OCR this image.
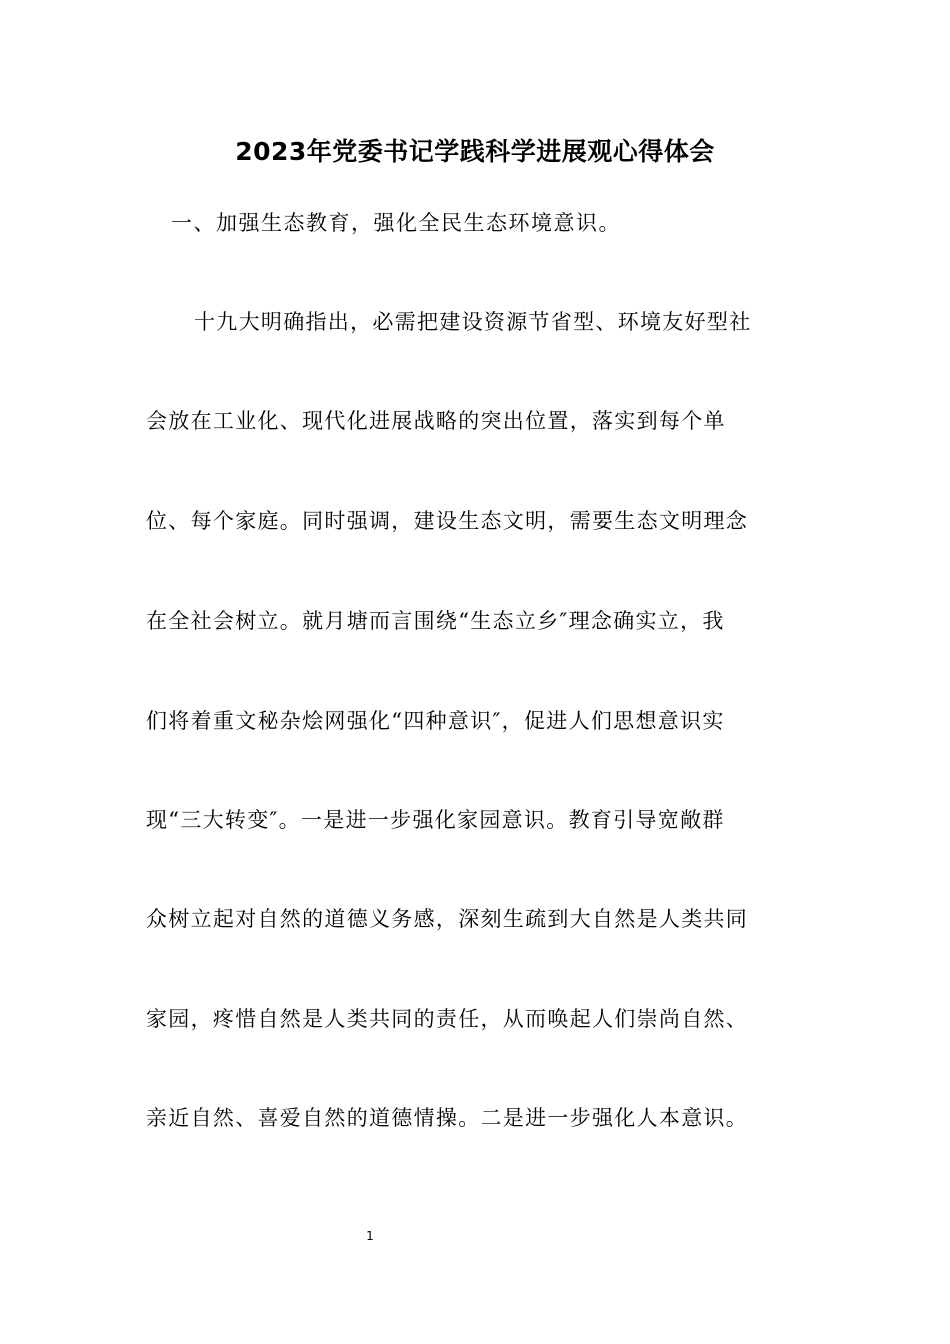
2023年党委书记学践科学进展观心得体会
一、加强生态教育，强化全民生态环境意识。
十九大明确指出，必需把建设资源节省型、环境友好型社
会放在工业化、现代化进展战略的突出位置，落实到每个单
位、每个家庭。同时强调，建设生态文明，需要生态文明理念
在全社会树立。就月塘而言围绕“生态立乡″理念确实立，我
们将着重文秘杂烩网强化“四种意识″，促进人们思想意识实
现“三大转变″。一是进一步强化家园意识。教育引导宽敞群
众树立起对自然的道德义务感，深刻生疏到大自然是人类共同
家园，疼惜自然是人类共同的责任，从而唤起人们崇尚自然、
亲近自然、喜爱自然的道德情操。二是进一步强化人本意识。
1
